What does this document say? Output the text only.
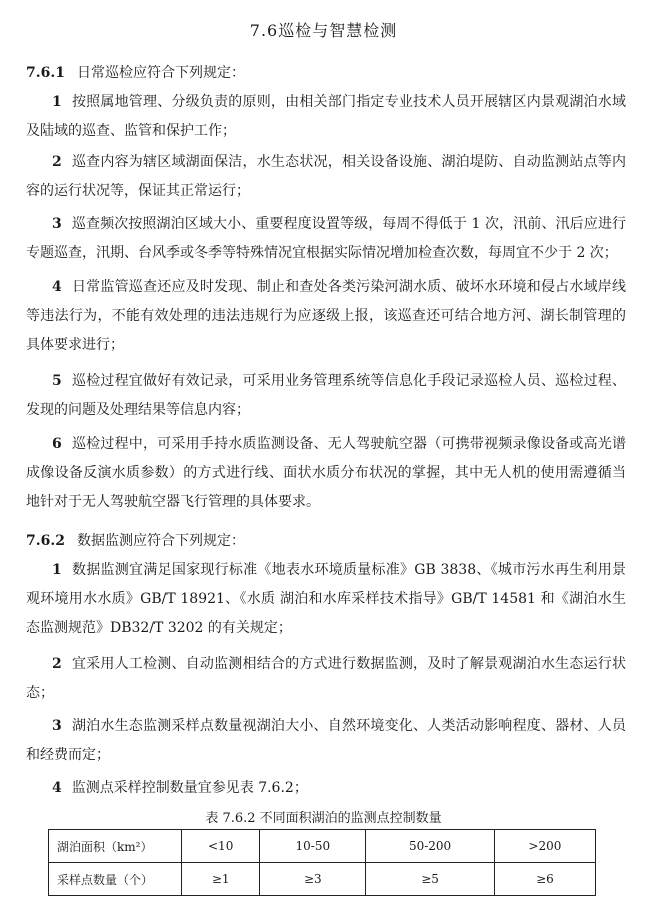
7.6巡检与智慧检测

7.6.1 日常巡检应符合下列规定：

1 按照属地管理、分级负责的原则，由相关部门指定专业技术人员开展辖区内景观湖泊水域及陆域的巡查、监管和保护工作；

2 巡查内容为辖区域湖面保洁，水生态状况，相关设备设施、湖泊堤防、自动监测站点等内容的运行状况等，保证其正常运行；

3 巡查频次按照湖泊区域大小、重要程度设置等级，每周不得低于 1 次，汛前、汛后应进行专题巡查，汛期、台风季或冬季等特殊情况宜根据实际情况增加检查次数，每周宜不少于 2 次；

4 日常监管巡查还应及时发现、制止和查处各类污染河湖水质、破坏水环境和侵占水域岸线等违法行为，不能有效处理的违法违规行为应逐级上报，该巡查还可结合地方河、湖长制管理的具体要求进行；

5 巡检过程宜做好有效记录，可采用业务管理系统等信息化手段记录巡检人员、巡检过程、发现的问题及处理结果等信息内容；

6 巡检过程中，可采用手持水质监测设备、无人驾驶航空器（可携带视频录像设备或高光谱成像设备反演水质参数）的方式进行线、面状水质分布状况的掌握，其中无人机的使用需遵循当地针对于无人驾驶航空器飞行管理的具体要求。

7.6.2 数据监测应符合下列规定：

1 数据监测宜满足国家现行标准《地表水环境质量标准》GB 3838、《城市污水再生利用景观环境用水水质》GB/T 18921、《水质 湖泊和水库采样技术指导》GB/T 14581 和《湖泊水生态监测规范》DB32/T 3202 的有关规定；

2 宜采用人工检测、自动监测相结合的方式进行数据监测，及时了解景观湖泊水生态运行状态；

3 湖泊水生态监测采样点数量视湖泊大小、自然环境变化、人类活动影响程度、器材、人员和经费而定；

4 监测点采样控制数量宜参见表 7.6.2；

表 7.6.2 不同面积湖泊的监测点控制数量

湖泊面积（km²）	<10	10-50	50-200	>200
采样点数量（个）	≥1	≥3	≥5	≥6
